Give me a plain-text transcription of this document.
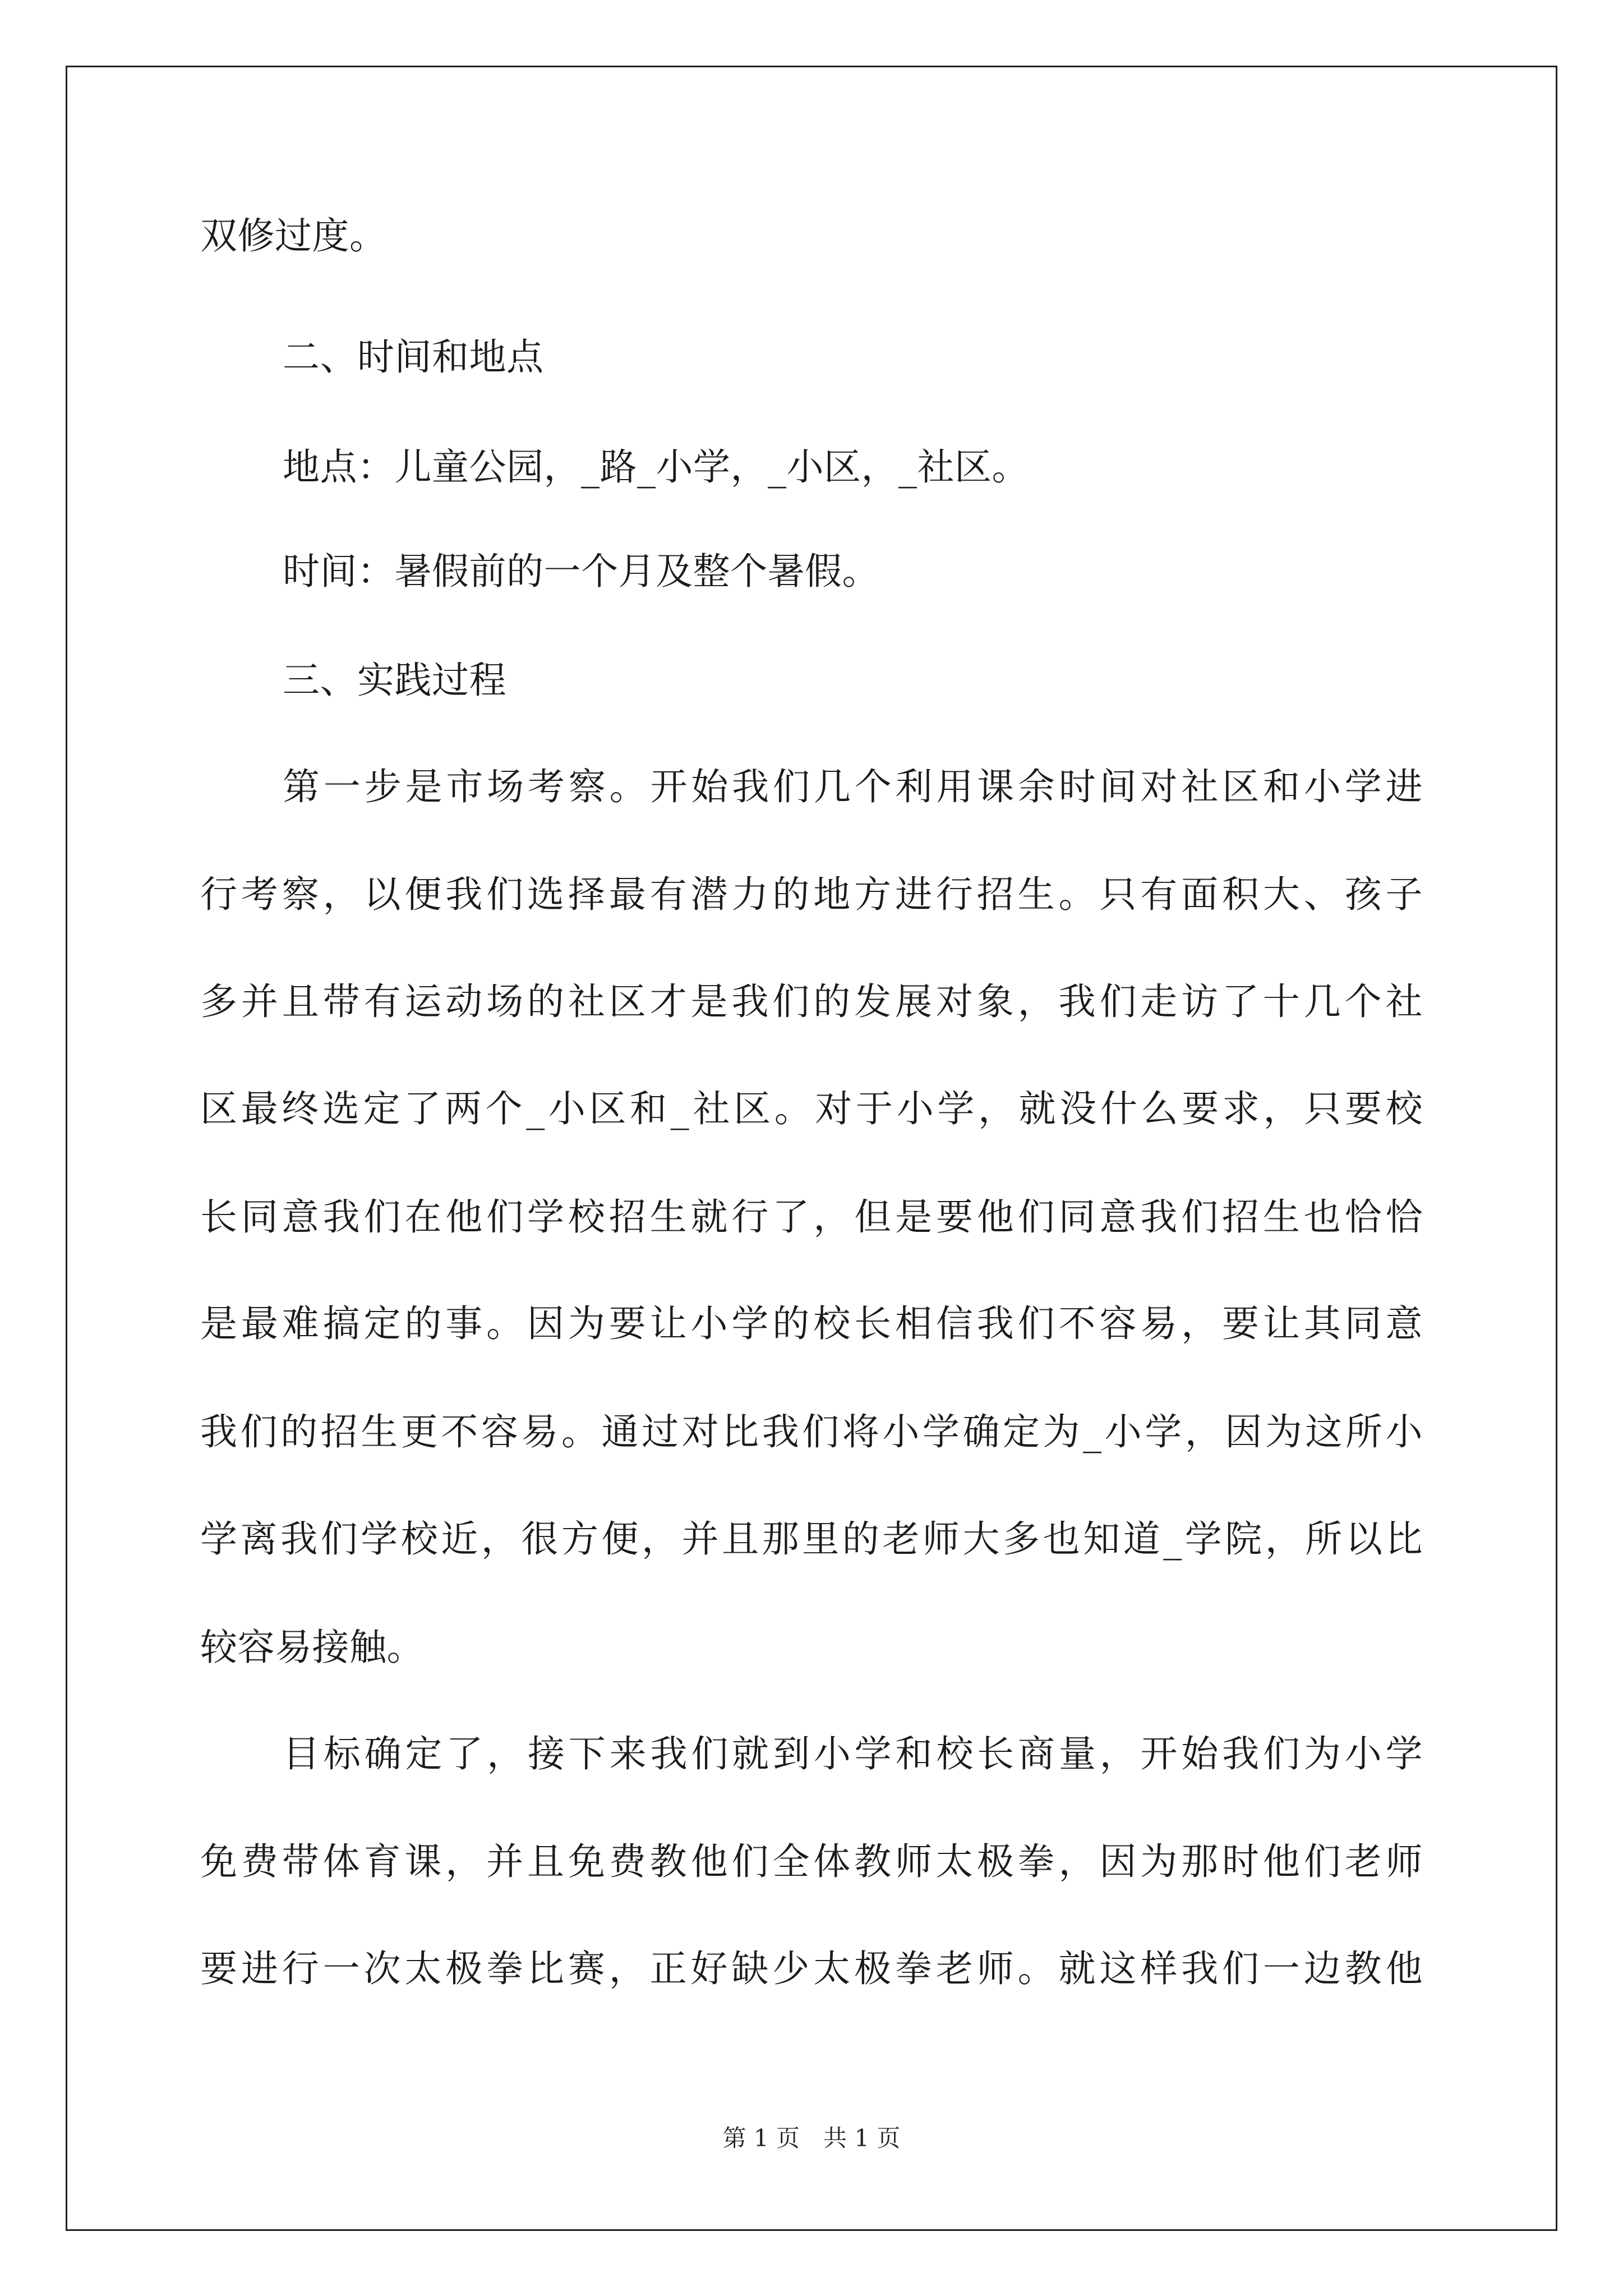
双修过度。
二、时间和地点
地点：儿童公园，_路_小学，_小区，_社区。
时间：暑假前的一个月及整个暑假。
三、实践过程
第一步是市场考察。开始我们几个利用课余时间对社区和小学进
行考察，以便我们选择最有潜力的地方进行招生。只有面积大、孩子
多并且带有运动场的社区才是我们的发展对象，我们走访了十几个社
区最终选定了两个_小区和_社区。对于小学，就没什么要求，只要校
长同意我们在他们学校招生就行了，但是要他们同意我们招生也恰恰
是最难搞定的事。因为要让小学的校长相信我们不容易，要让其同意
我们的招生更不容易。通过对比我们将小学确定为_小学，因为这所小
学离我们学校近，很方便，并且那里的老师大多也知道_学院，所以比
较容易接触。
目标确定了，接下来我们就到小学和校长商量，开始我们为小学
免费带体育课，并且免费教他们全体教师太极拳，因为那时他们老师
要进行一次太极拳比赛，正好缺少太极拳老师。就这样我们一边教他
第 1 页　共 1 页
